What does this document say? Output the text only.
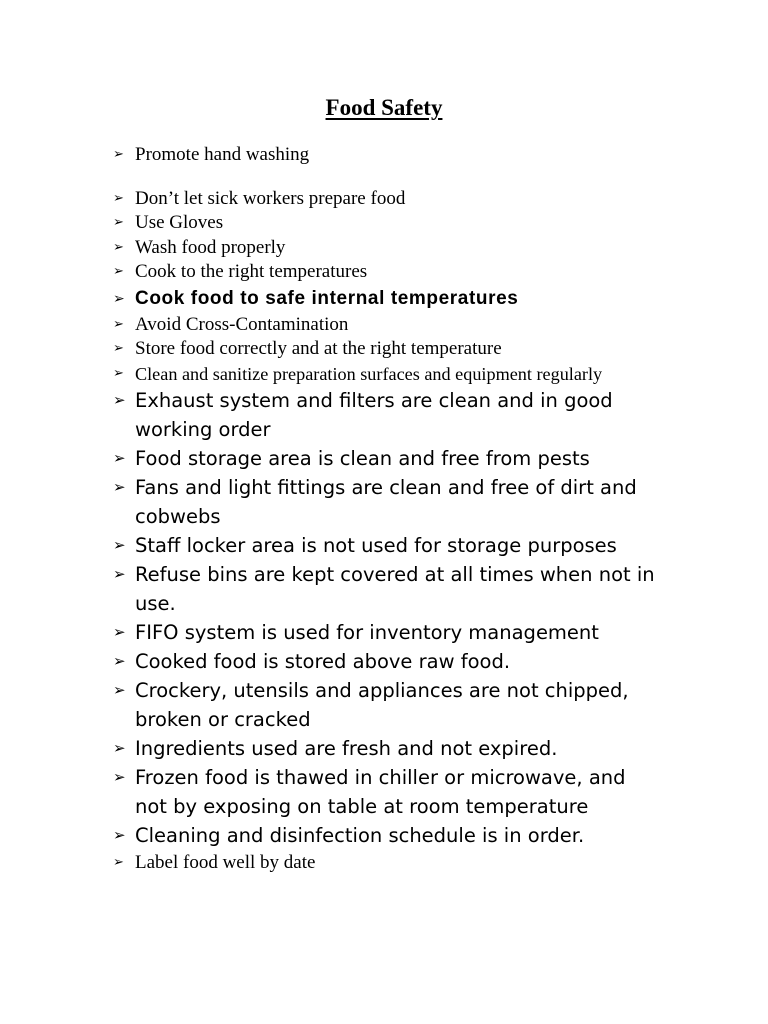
Food Safety
➢ Promote hand washing
➢ Don’t let sick workers prepare food
➢ Use Gloves
➢ Wash food properly
➢ Cook to the right temperatures
➢ Cook food to safe internal temperatures
➢ Avoid Cross-Contamination
➢ Store food correctly and at the right temperature
➢ Clean and sanitize preparation surfaces and equipment regularly
➢ Exhaust system and filters are clean and in good working order
➢ Food storage area is clean and free from pests
➢ Fans and light fittings are clean and free of dirt and cobwebs
➢ Staff locker area is not used for storage purposes
➢ Refuse bins are kept covered at all times when not in use.
➢ FIFO system is used for inventory management
➢ Cooked food is stored above raw food.
➢ Crockery, utensils and appliances are not chipped, broken or cracked
➢ Ingredients used are fresh and not expired.
➢ Frozen food is thawed in chiller or microwave, and not by exposing on table at room temperature
➢ Cleaning and disinfection schedule is in order.
➢ Label food well by date
